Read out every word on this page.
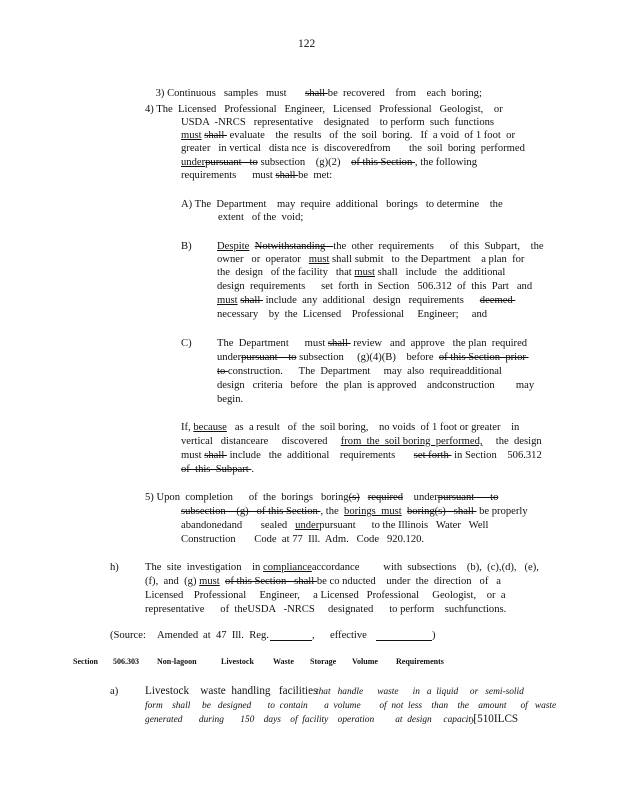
122

3) Continuous   samples   must       shall be  recovered    from    each  boring;

4) The  Licensed   Professional   Engineer,   Licensed   Professional   Geologist,    or
USDA  -NRCS   representative    designated    to perform  such  functions
must shall  evaluate    the  results   of  the  soil  boring.   If  a void  of 1 foot  or
greater   in vertical   dista nce  is  discoveredfrom       the  soil  boring  performed
underpursuant   to subsection    (g)(2)    of this Section , the following
requirements      must shall be  met:
A) The  Department    may  require  additional   borings   to determine    the
extent   of the  void;
B) Despite Notwithstanding   the  other  requirements      of  this  Subpart,    the
owner   or  operator   must shall submit   to  the Department    a plan  for
the  design   of the facility   that must shall   include   the  additional
design  requirements      set  forth  in  Section   506.312  of  this  Part   and
must shall  include  any  additional   design   requirements      deemed
necessary    by  the  Licensed    Professional     Engineer;     and
C) The  Department      must shall  review   and  approve   the plan  required
underpursuant    to subsection     (g)(4)(B)    before  of this Section  prior
to construction.      The  Department     may  also  requireadditional
design   criteria   before   the  plan  is approved    andconstruction        may
begin.
If, because   as  a result   of  the  soil boring,    no voids  of 1 foot or greater    in
vertical   distanceare     discovered     from  the  soil boring  performed,     the  design
must shall  include   the  additional    requirements       set forth  in Section    506.312
of  this  Subpart .
5) Upon  completion      of  the  borings   boring(s) required    underpursuant      to
subsection    (g)   of this Section , the  borings  must boring(s)   shall  be properly
abandonedand       sealed   underpursuant      to the Illinois   Water   Well
Construction       Code  at 77  Ill.  Adm.   Code   920.120.
h) The  site  investigation    in complianceaccordance         with  subsections    (b),  (c),(d),   (e),
(f),  and  (g) must of this Section   shall be co nducted    under  the  direction   of   a
Licensed    Professional     Engineer,     a Licensed   Professional     Geologist,    or  a
representative      of  theUSDA   -NRCS     designated      to perform    suchfunctions.
(Source: Amended at  47  Ill.  Reg.	, effective	)
Section 506.303 Non-lagoon	Livestock Waste Storage Volume Requirements
a) Livestock    waste  handling   facilities
that   handle      waste      in   a  liquid     or   semi-solid
form    shall     be   designed       to  contain       a  volume        of  not  less    than    the    amount      of   waste
generated       during       150    days    of  facility    operation         at  design     capacity
.  [510ILCS
